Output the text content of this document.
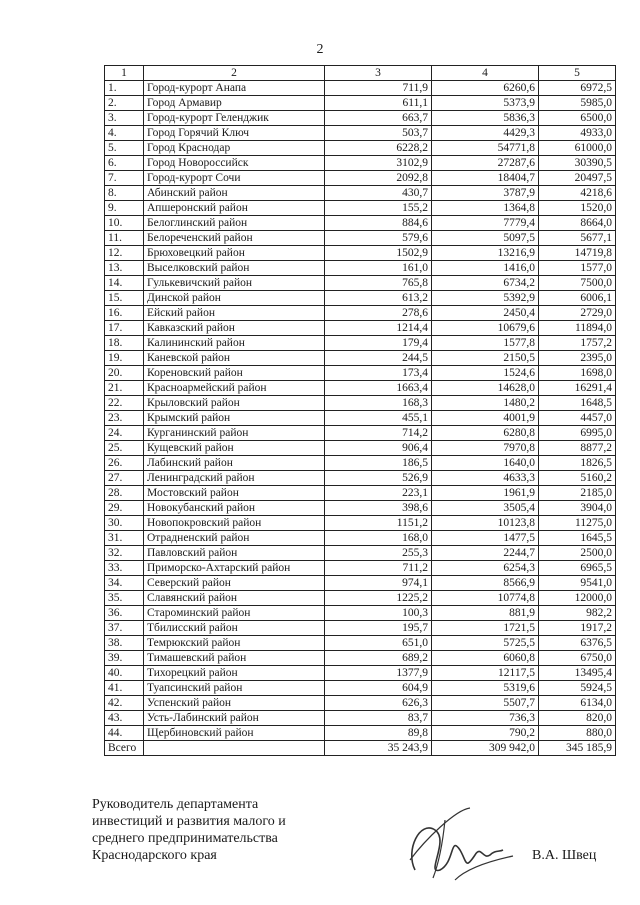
2
1	2	3	4	5
1.	Город-курорт Анапа	711,9	6260,6	6972,5
2.	Город Армавир	611,1	5373,9	5985,0
3.	Город-курорт Геленджик	663,7	5836,3	6500,0
4.	Город Горячий Ключ	503,7	4429,3	4933,0
5.	Город Краснодар	6228,2	54771,8	61000,0
6.	Город Новороссийск	3102,9	27287,6	30390,5
7.	Город-курорт Сочи	2092,8	18404,7	20497,5
8.	Абинский район	430,7	3787,9	4218,6
9.	Апшеронский район	155,2	1364,8	1520,0
10.	Белоглинский район	884,6	7779,4	8664,0
11.	Белореченский район	579,6	5097,5	5677,1
12.	Брюховецкий район	1502,9	13216,9	14719,8
13.	Выселковский район	161,0	1416,0	1577,0
14.	Гулькевичский район	765,8	6734,2	7500,0
15.	Динской район	613,2	5392,9	6006,1
16.	Ейский район	278,6	2450,4	2729,0
17.	Кавказский район	1214,4	10679,6	11894,0
18.	Калининский район	179,4	1577,8	1757,2
19.	Каневской район	244,5	2150,5	2395,0
20.	Кореновский район	173,4	1524,6	1698,0
21.	Красноармейский район	1663,4	14628,0	16291,4
22.	Крыловский район	168,3	1480,2	1648,5
23.	Крымский район	455,1	4001,9	4457,0
24.	Курганинский район	714,2	6280,8	6995,0
25.	Кущевский район	906,4	7970,8	8877,2
26.	Лабинский район	186,5	1640,0	1826,5
27.	Ленинградский район	526,9	4633,3	5160,2
28.	Мостовский район	223,1	1961,9	2185,0
29.	Новокубанский район	398,6	3505,4	3904,0
30.	Новопокровский район	1151,2	10123,8	11275,0
31.	Отрадненский район	168,0	1477,5	1645,5
32.	Павловский район	255,3	2244,7	2500,0
33.	Приморско-Ахтарский район	711,2	6254,3	6965,5
34.	Северский район	974,1	8566,9	9541,0
35.	Славянский район	1225,2	10774,8	12000,0
36.	Староминский район	100,3	881,9	982,2
37.	Тбилисский район	195,7	1721,5	1917,2
38.	Темрюкский район	651,0	5725,5	6376,5
39.	Тимашевский район	689,2	6060,8	6750,0
40.	Тихорецкий район	1377,9	12117,5	13495,4
41.	Туапсинский район	604,9	5319,6	5924,5
42.	Успенский район	626,3	5507,7	6134,0
43.	Усть-Лабинский район	83,7	736,3	820,0
44.	Щербиновский район	89,8	790,2	880,0
Всего		35 243,9	309 942,0	345 185,9
Руководитель департамента
инвестиций и развития малого и
среднего предпринимательства
Краснодарского края	В.А. Швец
